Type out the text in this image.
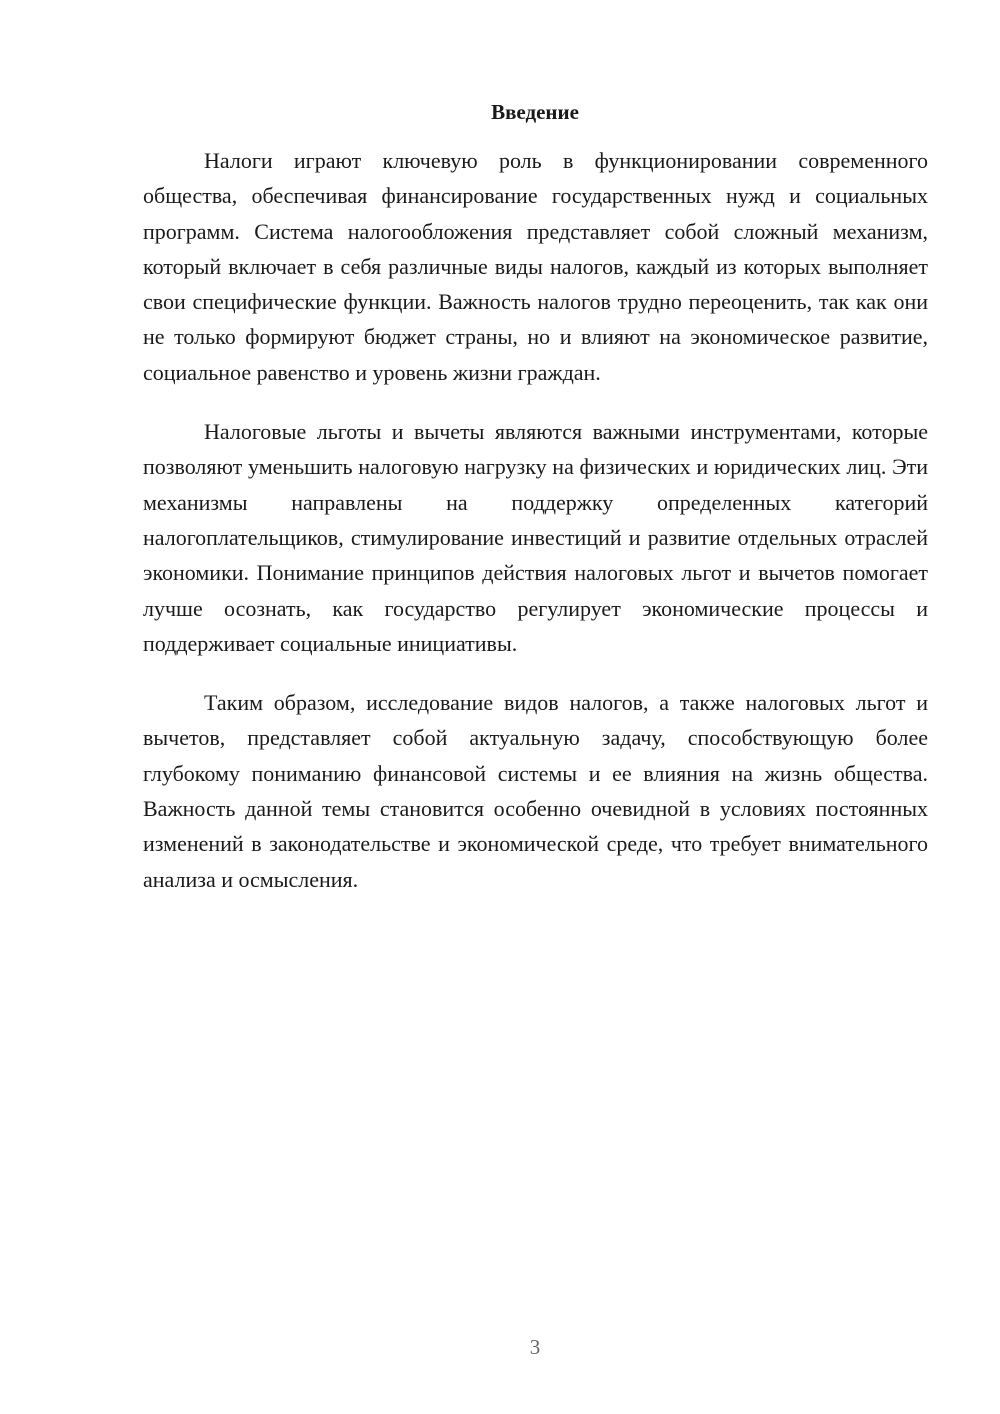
Введение

Налоги играют ключевую роль в функционировании современного общества, обеспечивая финансирование государственных нужд и социальных программ. Система налогообложения представляет собой сложный механизм, который включает в себя различные виды налогов, каждый из которых выполняет свои специфические функции. Важность налогов трудно переоценить, так как они не только формируют бюджет страны, но и влияют на экономическое развитие, социальное равенство и уровень жизни граждан.

Налоговые льготы и вычеты являются важными инструментами, которые позволяют уменьшить налоговую нагрузку на физических и юридических лиц. Эти механизмы направлены на поддержку определенных категорий налогоплательщиков, стимулирование инвестиций и развитие отдельных отраслей экономики. Понимание принципов действия налоговых льгот и вычетов помогает лучше осознать, как государство регулирует экономические процессы и поддерживает социальные инициативы.

Таким образом, исследование видов налогов, а также налоговых льгот и вычетов, представляет собой актуальную задачу, способствующую более глубокому пониманию финансовой системы и ее влияния на жизнь общества. Важность данной темы становится особенно очевидной в условиях постоянных изменений в законодательстве и экономической среде, что требует внимательного анализа и осмысления.

3
